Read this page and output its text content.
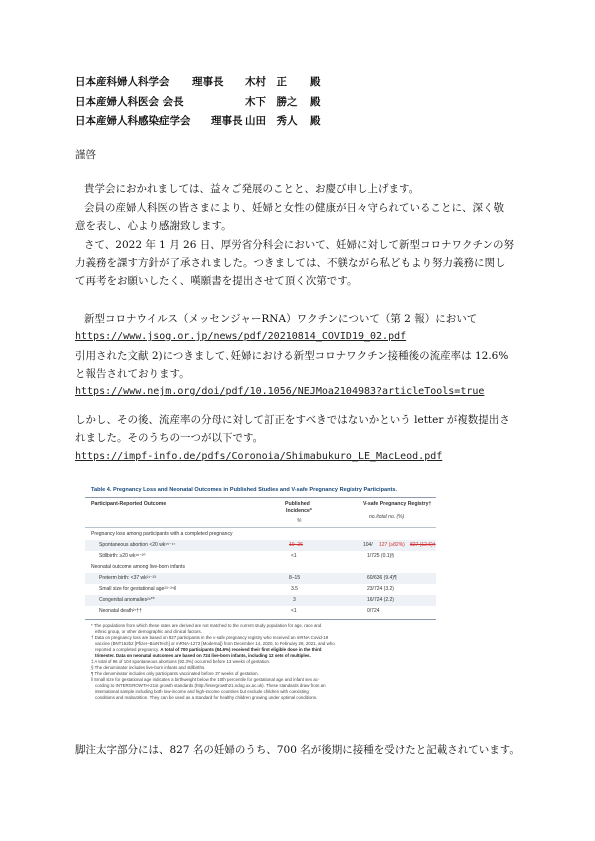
日本産科婦人科学会 理事長 木村　正 殿
日本産婦人科医会 会長	木下　勝之 殿
日本産婦人科感染症学会 理事長 山田　秀人 殿
謹啓
貴学会におかれましては、益々ご発展のことと、お慶び申し上げます。
会員の産婦人科医の皆さまにより、妊婦と女性の健康が日々守られていることに、深く敬
意を表し、心より感謝致します。
さて、2022 年 1 月 26 日、厚労省分科会において、妊婦に対して新型コロナワクチンの努
力義務を課す方針が了承されました。つきましては、不躾ながら私どもより努力義務に関し
て再考をお願いしたく、嘆願書を提出させて頂く次第です。
新型コロナウイルス（メッセンジャーRNA）ワクチンについて（第 2 報）において
https://www.jsog.or.jp/news/pdf/20210814_COVID19_02.pdf
引用された文献 2)につきまして､妊婦における新型コロナワクチン接種後の流産率は 12.6%
と報告されております。
https://www.nejm.org/doi/pdf/10.1056/NEJMoa2104983?articleTools=true
しかし、その後、流産率の分母に対して訂正をすべきではないかという letter が複数提出さ
れました。そのうちの一つが以下です。
https://impf-info.de/pdfs/Coronoia/Shimabukuro_LE_MacLeod.pdf
Table 4. Pregnancy Loss and Neonatal Outcomes in Published Studies and V-safe Pregnancy Registry Participants.
Participant-Reported Outcome	Published
Incidence*
V-safe Pregnancy Registry†
%
no./total no. (%)
Pregnancy loss among participants with a completed pregnancy
Spontaneous abortion <20 wk¹⁵⁻¹⁷	10–26	104/ 127 (≥82%) 827 (12.6)†
Stillbirth: ≥20 wk¹⁸⁻²⁰	<1	1/725 (0.1)§
Neonatal outcome among live-born infants
Preterm birth: <37 wk²¹⁻²³	8–15	60/636 (9.4)¶
Small size for gestational age²³⁻²⁵‖	3.5	23/724 (3.2)
Congenital anomalies²⁶**	3	16/724 (2.2)
Neonatal death²⁷††	<1	0/724
* The populations from which these rates are derived are not matched to the current study population for age, race and
ethnic group, or other demographic and clinical factors.
† Data on pregnancy loss are based on 827 participants in the v-safe pregnancy registry who received an mRNA Covid-19
vaccine (BNT162b2 [Pfizer–BioNTech] or mRNA-1273 [Moderna]) from December 14, 2020, to February 28, 2021, and who
reported a completed pregnancy. A total of 700 participants (84.6%) received their first eligible dose in the third
trimester. Data on neonatal outcomes are based on 724 live-born infants, including 12 sets of multiples.
‡ A total of 96 of 104 spontaneous abortions (92.3%) occurred before 13 weeks of gestation.
§ The denominator includes live-born infants and stillbirths.
¶ The denominator includes only participants vaccinated before 37 weeks of gestation.
‖ Small size for gestational age indicates a birthweight below the 10th percentile for gestational age and infant sex ac-
cording to INTERGROWTH-21st growth standards (http://intergrowth21.ndog.ox.ac.uk). These standards draw from an
international sample including both low-income and high-income countries but exclude children with coexisting
conditions and malnutrition. They can be used as a standard for healthy children growing under optimal conditions.
脚注太字部分には、827 名の妊婦のうち、700 名が後期に接種を受けたと記載されています。
